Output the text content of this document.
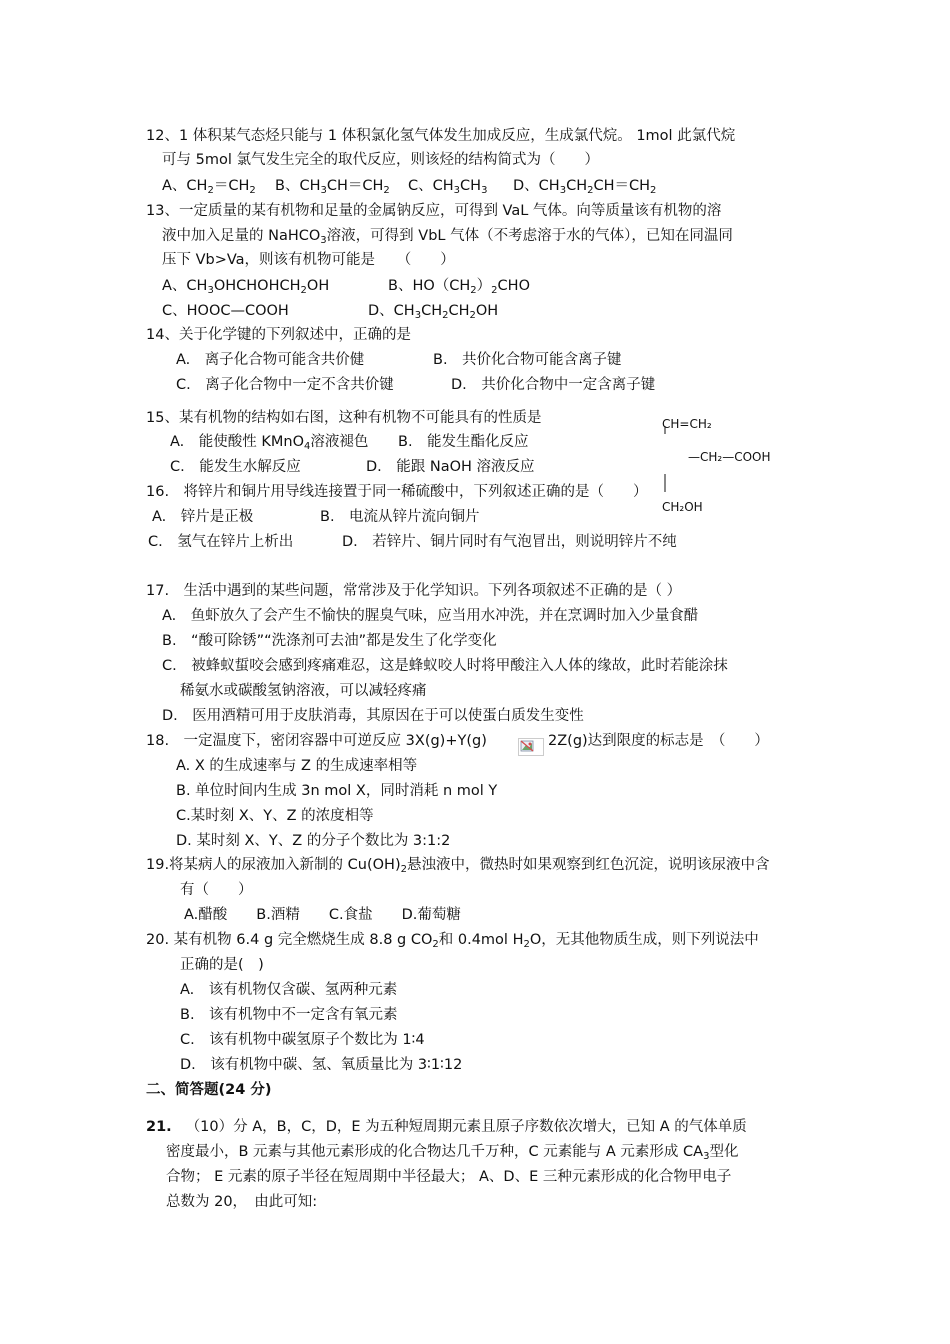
12、1 体积某气态烃只能与 1 体积氯化氢气体发生加成反应，生成氯代烷。 1mol 此氯代烷
可与 5mol 氯气发生完全的取代反应，则该烃的结构简式为（　　）
A、$CH_2=CH_2$ B、$CH_3CH=CH_2$ C、$CH_3CH_3$ D、$CH_3CH_2CH=CH_2$
13、一定质量的某有机物和足量的金属钠反应，可得到 VaL 气体。向等质量该有机物的溶
液中加入足量的 NaHCO$_3$溶液，可得到 VbL 气体（不考虑溶于水的气体），已知在同温同
压下 Vb>Va，则该有机物可能是　　（　　）
A、$CH_3OHCHOHCH_2OH$	B、$HO(CH_2)_2CHO$
C、HOOC—COOH	D、$CH_3CH_2CH_2OH$
14、关于化学键的下列叙述中，正确的是
A.　离子化合物可能含共价健	B.　共价化合物可能含离子键
C.　离子化合物中一定不含共价键	D.　共价化合物中一定含离子键
15、某有机物的结构如右图，这种有机物不可能具有的性质是
A.　能使酸性 KMnO$_4$溶液褪色 B.　能发生酯化反应
C.　能发生水解反应	D.　能跟 NaOH 溶液反应
CH=CH₂
—CH₂—COOH
CH₂OH
16.　将锌片和铜片用导线连接置于同一稀硫酸中，下列叙述正确的是（　　）
A.　锌片是正极	B.　电流从锌片流向铜片
C.　氢气在锌片上析出	D.　若锌片、铜片同时有气泡冒出，则说明锌片不纯
17.　生活中遇到的某些问题，常常涉及于化学知识。下列各项叙述不正确的是（ ）
A.　鱼虾放久了会产生不愉快的腥臭气味，应当用水冲洗，并在烹调时加入少量食醋
B.　“酸可除锈”“洗涤剂可去油”都是发生了化学变化
C.　被蜂蚁蜇咬会感到疼痛难忍，这是蜂蚁咬人时将甲酸注入人体的缘故，此时若能涂抹
稀氨水或碳酸氢钠溶液，可以减轻疼痛
D.　医用酒精可用于皮肤消毒，其原因在于可以使蛋白质发生变性
18.　一定温度下，密闭容器中可逆反应 3X(g)+Y(g)	2Z(g)达到限度的标志是　（　　）
A. X 的生成速率与 Z 的生成速率相等
B. 单位时间内生成 3n mol X，同时消耗 n mol Y
C.某时刻 X、Y、Z 的浓度相等
D. 某时刻 X、Y、Z 的分子个数比为 3:1:2
19.将某病人的尿液加入新制的 $Cu(OH)_2$悬浊液中，微热时如果观察到红色沉淀，说明该尿液中含
有（　　）
A.醋酸　　B.酒精　　C.食盐　　D.葡萄糖
20. 某有机物 6.4 g 完全燃烧生成 8.8 g $CO_2$和 0.4mol $H_2O$，无其他物质生成，则下列说法中
正确的是(　)
A.　该有机物仅含碳、氢两种元素
B.　该有机物中不一定含有氧元素
C.　该有机物中碳氢原子个数比为 1∶4
D.　该有机物中碳、氢、氧质量比为 3∶1∶12
二、简答题(24 分)
21. （10）分 A，B，C，D，E 为五种短周期元素且原子序数依次增大，已知 A 的气体单质
密度最小，B 元素与其他元素形成的化合物达几千万种，C 元素能与 A 元素形成 $CA_3$型化
合物； E 元素的原子半径在短周期中半径最大； A、D、E 三种元素形成的化合物甲电子
总数为 20，　由此可知:
